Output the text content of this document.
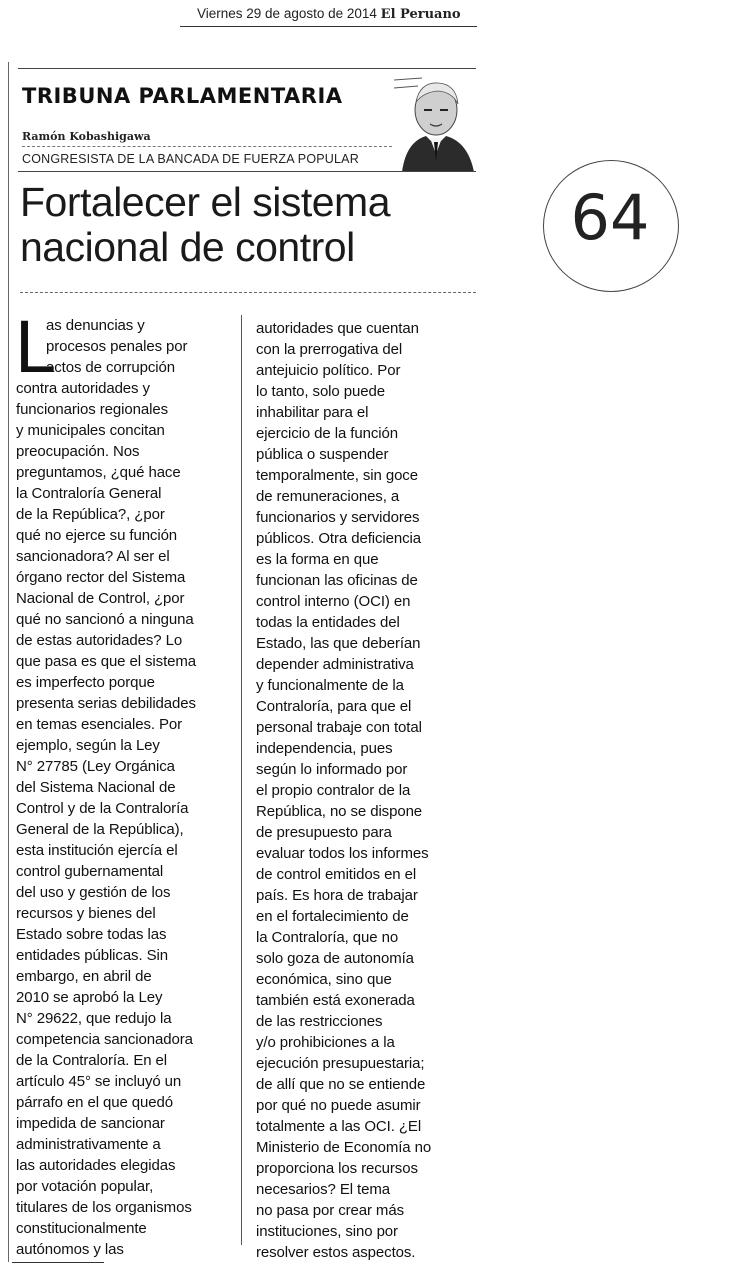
Viernes 29 de agosto de 2014 El Peruano
TRIBUNA PARLAMENTARIA
Ramón Kobashigawa
CONGRESISTA DE LA BANCADA DE FUERZA POPULAR
Fortalecer el sistema
nacional de control
L
as denuncias y
procesos penales por
actos de corrupción
contra autoridades y
funcionarios regionales
y municipales concitan
preocupación. Nos
preguntamos, ¿qué hace
la Contraloría General
de la República?, ¿por
qué no ejerce su función
sancionadora? Al ser el
órgano rector del Sistema
Nacional de Control, ¿por
qué no sancionó a ninguna
de estas autoridades? Lo
que pasa es que el sistema
es imperfecto porque
presenta serias debilidades
en temas esenciales. Por
ejemplo, según la Ley
N° 27785 (Ley Orgánica
del Sistema Nacional de
Control y de la Contraloría
General de la República),
esta institución ejercía el
control gubernamental
del uso y gestión de los
recursos y bienes del
Estado sobre todas las
entidades públicas. Sin
embargo, en abril de
2010 se aprobó la Ley
N° 29622, que redujo la
competencia sancionadora
de la Contraloría. En el
artículo 45° se incluyó un
párrafo en el que quedó
impedida de sancionar
administrativamente a
las autoridades elegidas
por votación popular,
titulares de los organismos
constitucionalmente
autónomos y las
autoridades que cuentan
con la prerrogativa del
antejuicio político. Por
lo tanto, solo puede
inhabilitar para el
ejercicio de la función
pública o suspender
temporalmente, sin goce
de remuneraciones, a
funcionarios y servidores
públicos. Otra deficiencia
es la forma en que
funcionan las oficinas de
control interno (OCI) en
todas la entidades del
Estado, las que deberían
depender administrativa
y funcionalmente de la
Contraloría, para que el
personal trabaje con total
independencia, pues
según lo informado por
el propio contralor de la
República, no se dispone
de presupuesto para
evaluar todos los informes
de control emitidos en el
país. Es hora de trabajar
en el fortalecimiento de
la Contraloría, que no
solo goza de autonomía
económica, sino que
también está exonerada
de las restricciones
y/o prohibiciones a la
ejecución presupuestaria;
de allí que no se entiende
por qué no puede asumir
totalmente a las OCI. ¿El
Ministerio de Economía no
proporciona los recursos
necesarios? El tema
no pasa por crear más
instituciones, sino por
resolver estos aspectos.
64
